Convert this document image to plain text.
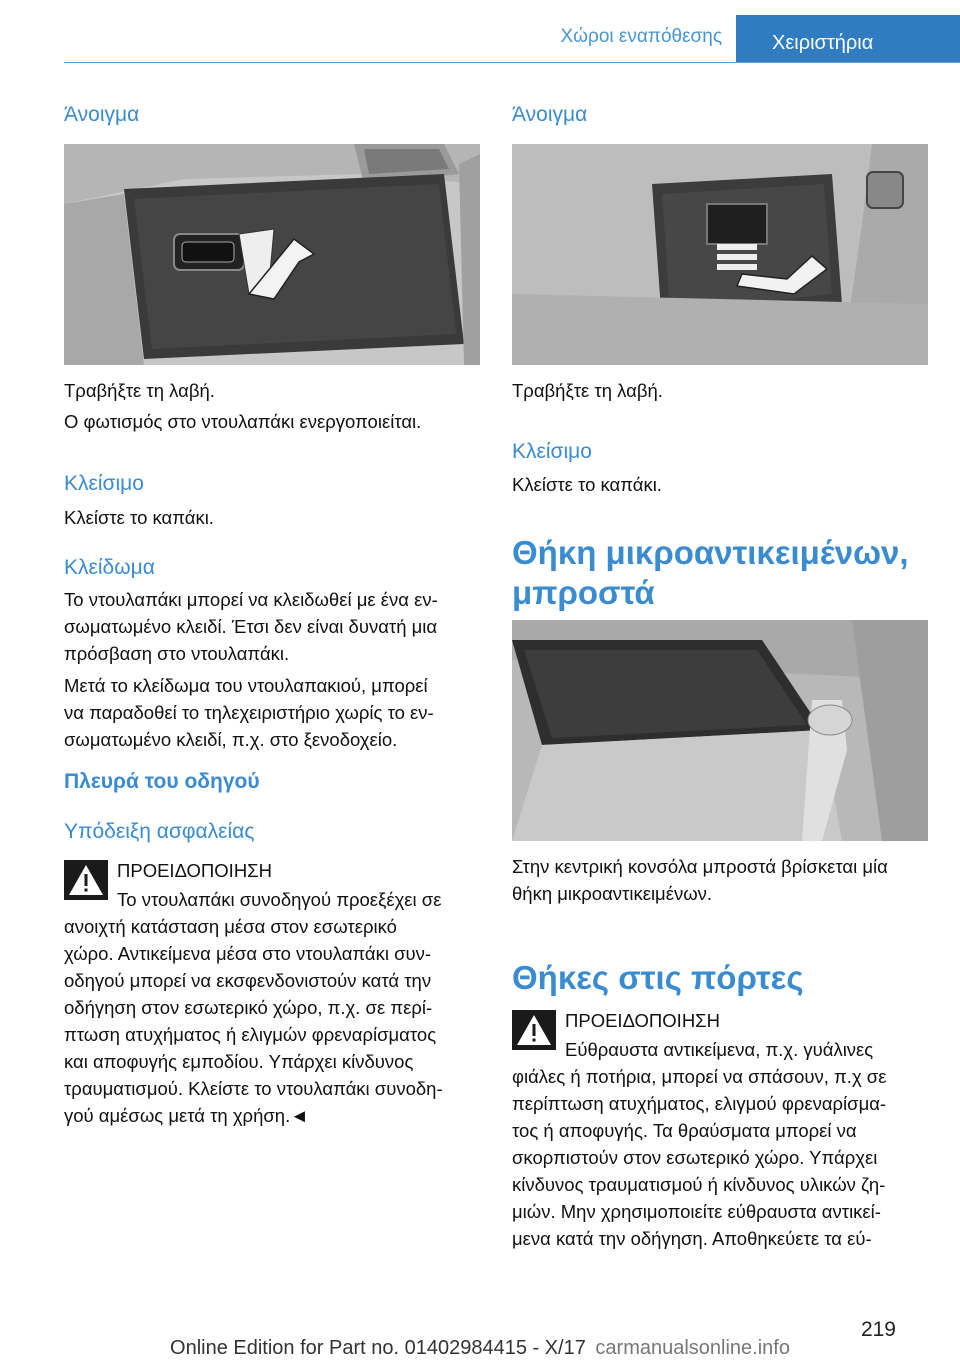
Χώροι εναπόθεσης	Χειριστήρια
Άνοιγμα
Τραβήξτε τη λαβή.
Ο φωτισμός στο ντουλαπάκι ενεργοποιείται.
Κλείσιμο
Κλείστε το καπάκι.
Κλείδωμα
Το ντουλαπάκι μπορεί να κλειδωθεί με ένα εν‐
σωματωμένο κλειδί. Έτσι δεν είναι δυνατή μια
πρόσβαση στο ντουλαπάκι.
Μετά το κλείδωμα του ντουλαπακιού, μπορεί
να παραδοθεί το τηλεχειριστήριο χωρίς το εν‐
σωματωμένο κλειδί, π.χ. στο ξενοδοχείο.
Πλευρά του οδηγού
Υπόδειξη ασφαλείας
ΠΡΟΕΙΔΟΠΟΙΗΣΗ
Το ντουλαπάκι συνοδηγού προεξέχει σε
ανοιχτή κατάσταση μέσα στον εσωτερικό
χώρο. Αντικείμενα μέσα στο ντουλαπάκι συν‐
οδηγού μπορεί να εκσφενδονιστούν κατά την
οδήγηση στον εσωτερικό χώρο, π.χ. σε περί‐
πτωση ατυχήματος ή ελιγμών φρεναρίσματος
και αποφυγής εμποδίου. Υπάρχει κίνδυνος
τραυματισμού. Κλείστε το ντουλαπάκι συνοδη‐
γού αμέσως μετά τη χρήση.◄
Άνοιγμα
Τραβήξτε τη λαβή.
Κλείσιμο
Κλείστε το καπάκι.
Θήκη μικροαντικειμένων,
μπροστά
Στην κεντρική κονσόλα μπροστά βρίσκεται μία
θήκη μικροαντικειμένων.
Θήκες στις πόρτες
ΠΡΟΕΙΔΟΠΟΙΗΣΗ
Εύθραυστα αντικείμενα, π.χ. γυάλινες
φιάλες ή ποτήρια, μπορεί να σπάσουν, π.χ σε
περίπτωση ατυχήματος, ελιγμού φρεναρίσμα‐
τος ή αποφυγής. Τα θραύσματα μπορεί να
σκορπιστούν στον εσωτερικό χώρο. Υπάρχει
κίνδυνος τραυματισμού ή κίνδυνος υλικών ζη‐
μιών. Μην χρησιμοποιείτε εύθραυστα αντικεί‐
μενα κατά την οδήγηση. Αποθηκεύετε τα εύ‐
219
Online Edition for Part no. 01402984415 - X/17 carmanualsonline.info
